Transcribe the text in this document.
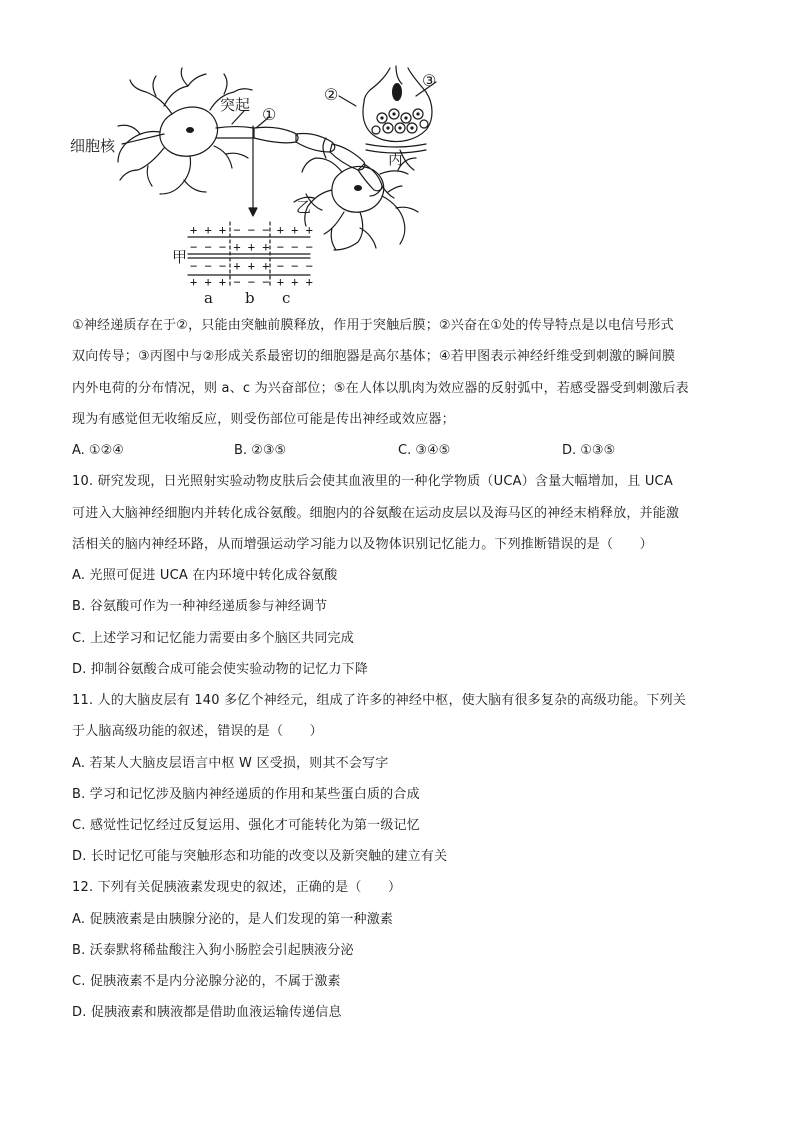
细胞核
突起 ①
②
③
丙
乙
甲
+ + + − − − + + +
− − − + + + − − −
− − − + + + − − −
+ + + − − − + + +
a b c
①神经递质存在于②，只能由突触前膜释放，作用于突触后膜；②兴奋在①处的传导特点是以电信号形式
双向传导；③丙图中与②形成关系最密切的细胞器是高尔基体；④若甲图表示神经纤维受到刺激的瞬间膜
内外电荷的分布情况，则 a、c 为兴奋部位；⑤在人体以肌肉为效应器的反射弧中，若感受器受到刺激后表
现为有感觉但无收缩反应，则受伤部位可能是传出神经或效应器；
A. ①②④	B. ②③⑤	C. ③④⑤	D. ①③⑤
10. 研究发现，日光照射实验动物皮肤后会使其血液里的一种化学物质（UCA）含量大幅增加，且 UCA
可进入大脑神经细胞内并转化成谷氨酸。细胞内的谷氨酸在运动皮层以及海马区的神经末梢释放，并能激
活相关的脑内神经环路，从而增强运动学习能力以及物体识别记忆能力。下列推断错误的是（　　）
A. 光照可促进 UCA 在内环境中转化成谷氨酸
B. 谷氨酸可作为一种神经递质参与神经调节
C. 上述学习和记忆能力需要由多个脑区共同完成
D. 抑制谷氨酸合成可能会使实验动物的记忆力下降
11. 人的大脑皮层有 140 多亿个神经元，组成了许多的神经中枢，使大脑有很多复杂的高级功能。下列关
于人脑高级功能的叙述，错误的是（　　）
A. 若某人大脑皮层语言中枢 W 区受损，则其不会写字
B. 学习和记忆涉及脑内神经递质的作用和某些蛋白质的合成
C. 感觉性记忆经过反复运用、强化才可能转化为第一级记忆
D. 长时记忆可能与突触形态和功能的改变以及新突触的建立有关
12. 下列有关促胰液素发现史的叙述，正确的是（　　）
A. 促胰液素是由胰腺分泌的，是人们发现的第一种激素
B. 沃泰默将稀盐酸注入狗小肠腔会引起胰液分泌
C. 促胰液素不是内分泌腺分泌的，不属于激素
D. 促胰液素和胰液都是借助血液运输传递信息
